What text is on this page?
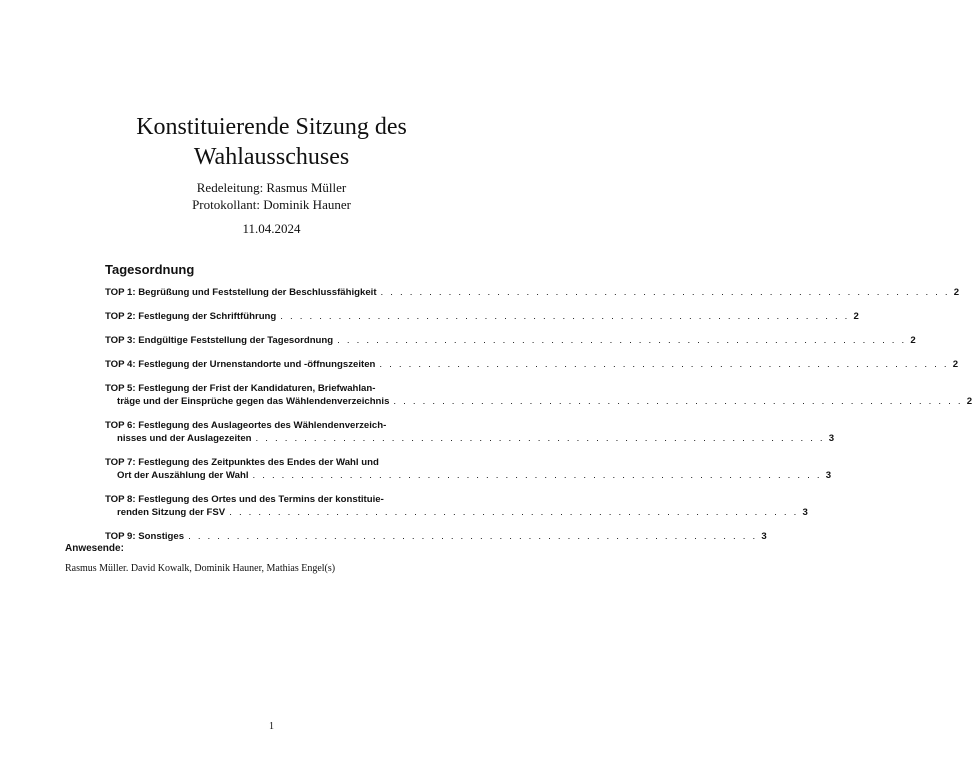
Konstituierende Sitzung des
Wahlausschuses
Redeleitung: Rasmus Müller
Protokollant: Dominik Hauner
11.04.2024
Tagesordnung
TOP 1: Begrüßung und Feststellung der Beschlussfähigkeit . . . . . . . . . . . . . . . . . . . . . . . . . . . . . . . . . . . . . . . . . . . . . . . . . . . . . . . . . . . 2
TOP 2: Festlegung der Schriftführung . . . . . . . . . . . . . . . . . . . . . . . . . . . . . . . . . . . . . . . . . . . . . . . . . . . . . . . . . . . 2
TOP 3: Endgültige Feststellung der Tagesordnung . . . . . . . . . . . . . . . . . . . . . . . . . . . . . . . . . . . . . . . . . . . . . . . . . . . . . . . . . . . 2
TOP 4: Festlegung der Urnenstandorte und -öffnungszeiten . . . . . . . . . . . . . . . . . . . . . . . . . . . . . . . . . . . . . . . . . . . . . . . . . . . . . . . . . . . 2
TOP 5: Festlegung der Frist der Kandidaturen, Briefwahlan-
träge und der Einsprüche gegen das Wählendenverzeichnis . . . . . . . . . . . . . . . . . . . . . . . . . . . . . . . . . . . . . . . . . . . . . . . . . . . . . . . . . . . 2
TOP 6: Festlegung des Auslageortes des Wählendenverzeich-
nisses und der Auslagezeiten . . . . . . . . . . . . . . . . . . . . . . . . . . . . . . . . . . . . . . . . . . . . . . . . . . . . . . . . . . . 3
TOP 7: Festlegung des Zeitpunktes des Endes der Wahl und
Ort der Auszählung der Wahl . . . . . . . . . . . . . . . . . . . . . . . . . . . . . . . . . . . . . . . . . . . . . . . . . . . . . . . . . . . 3
TOP 8: Festlegung des Ortes und des Termins der konstituie-
renden Sitzung der FSV . . . . . . . . . . . . . . . . . . . . . . . . . . . . . . . . . . . . . . . . . . . . . . . . . . . . . . . . . . . 3
TOP 9: Sonstiges . . . . . . . . . . . . . . . . . . . . . . . . . . . . . . . . . . . . . . . . . . . . . . . . . . . . . . . . . . . 3
Anwesende:
Rasmus Müller. David Kowalk, Dominik Hauner, Mathias Engel(s)
1
